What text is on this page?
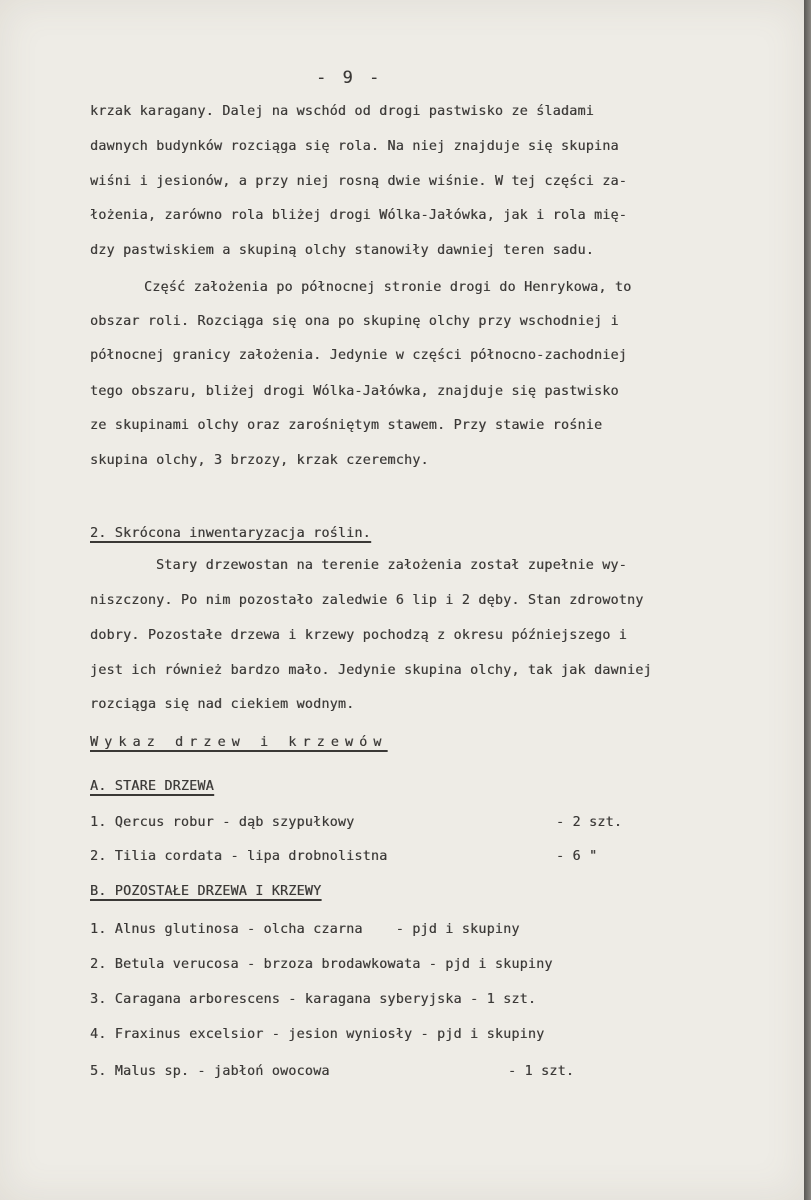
- 9 -

krzak karagany. Dalej na wschód od drogi pastwisko ze śladami

dawnych budynków rozciąga się rola. Na niej znajduje się skupina

wiśni i jesionów, a przy niej rosną dwie wiśnie. W tej części za-

łożenia, zarówno rola bliżej drogi Wólka-Jałówka, jak i rola mię-

dzy pastwiskiem a skupiną olchy stanowiły dawniej teren sadu.

Część założenia po północnej stronie drogi do Henrykowa, to

obszar roli. Rozciąga się ona po skupinę olchy przy wschodniej i

północnej granicy założenia. Jedynie w części północno-zachodniej

tego obszaru, bliżej drogi Wólka-Jałówka, znajduje się pastwisko

ze skupinami olchy oraz zarośniętym stawem. Przy stawie rośnie

skupina olchy, 3 brzozy, krzak czeremchy.

2. Skrócona inwentaryzacja roślin.

Stary drzewostan na terenie założenia został zupełnie wy-

niszczony. Po nim pozostało zaledwie 6 lip i 2 dęby. Stan zdrowotny

dobry. Pozostałe drzewa i krzewy pochodzą z okresu późniejszego i

jest ich również bardzo mało. Jedynie skupina olchy, tak jak dawniej

rozciąga się nad ciekiem wodnym.

Wykaz drzew i krzewów

A. STARE DRZEWA

1. Qercus robur - dąb szypułkowy	- 2 szt.

2. Tilia cordata - lipa drobnolistna	- 6 "

B. POZOSTAŁE DRZEWA I KRZEWY

1. Alnus glutinosa - olcha czarna    - pjd i skupiny

2. Betula verucosa - brzoza brodawkowata - pjd i skupiny

3. Caragana arborescens - karagana syberyjska - 1 szt.

4. Fraxinus excelsior - jesion wyniosły - pjd i skupiny

5. Malus sp. - jabłoń owocowa	- 1 szt.
